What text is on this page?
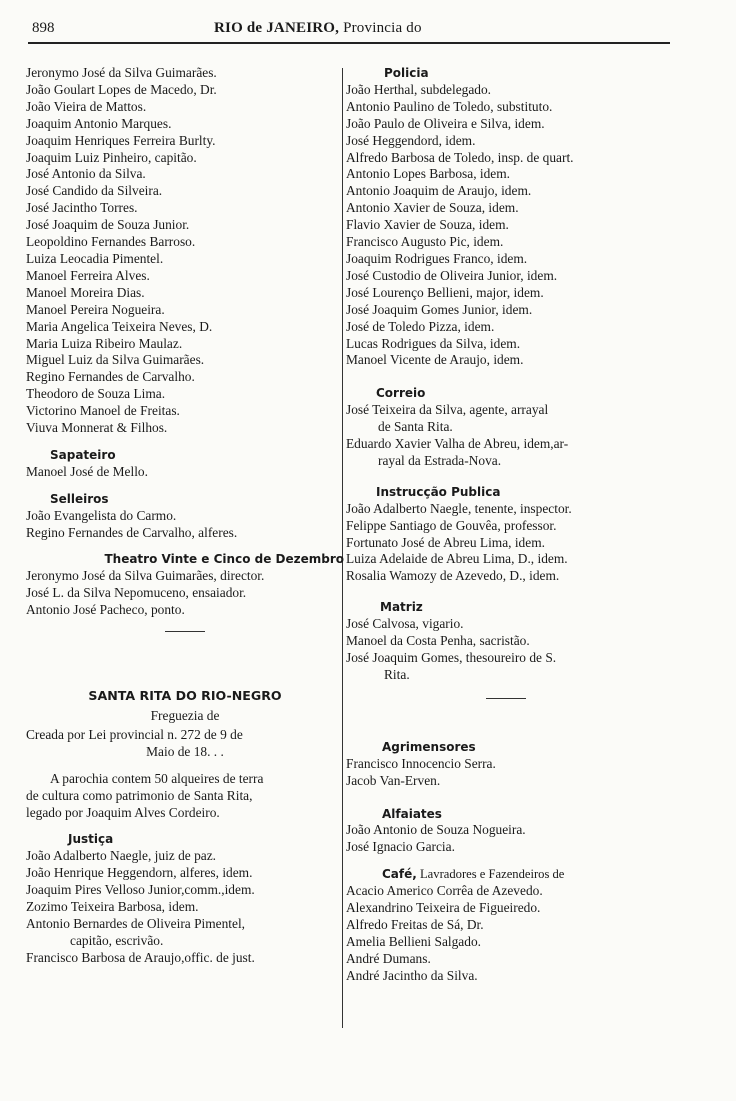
898	RIO de JANEIRO, Provincia do
Jeronymo José da Silva Guimarães.
João Goulart Lopes de Macedo, Dr.
João Vieira de Mattos.
Joaquim Antonio Marques.
Joaquim Henriques Ferreira Burlty.
Joaquim Luiz Pinheiro, capitão.
José Antonio da Silva.
José Candido da Silveira.
José Jacintho Torres.
José Joaquim de Souza Junior.
Leopoldino Fernandes Barroso.
Luiza Leocadia Pimentel.
Manoel Ferreira Alves.
Manoel Moreira Dias.
Manoel Pereira Nogueira.
Maria Angelica Teixeira Neves, D.
Maria Luiza Ribeiro Maulaz.
Miguel Luiz da Silva Guimarães.
Regino Fernandes de Carvalho.
Theodoro de Souza Lima.
Victorino Manoel de Freitas.
Viuva Monnerat & Filhos.
Sapateiro
Manoel José de Mello.
Selleiros
João Evangelista do Carmo.
Regino Fernandes de Carvalho, alferes.
Theatro Vinte e Cinco de Dezembro
Jeronymo José da Silva Guimarães, director.
José L. da Silva Nepomuceno, ensaiador.
Antonio José Pacheco, ponto.
SANTA RITA DO RIO-NEGRO
Freguezia de
Creada por Lei provincial n. 272 de 9 de
Maio de 18. . .
A parochia contem 50 alqueires de terra
de cultura como patrimonio de Santa Rita,
legado por Joaquim Alves Cordeiro.
Justiça
João Adalberto Naegle, juiz de paz.
João Henrique Heggendorn, alferes, idem.
Joaquim Pires Velloso Junior,comm.,idem.
Zozimo Teixeira Barbosa, idem.
Antonio Bernardes de Oliveira Pimentel,
capitão, escrivão.
Francisco Barbosa de Araujo,offic. de just.
Policia
João Herthal, subdelegado.
Antonio Paulino de Toledo, substituto.
João Paulo de Oliveira e Silva, idem.
José Heggendord, idem.
Alfredo Barbosa de Toledo, insp. de quart.
Antonio Lopes Barbosa, idem.
Antonio Joaquim de Araujo, idem.
Antonio Xavier de Souza, idem.
Flavio Xavier de Souza, idem.
Francisco Augusto Pic, idem.
Joaquim Rodrigues Franco, idem.
José Custodio de Oliveira Junior, idem.
José Lourenço Bellieni, major, idem.
José Joaquim Gomes Junior, idem.
José de Toledo Pizza, idem.
Lucas Rodrigues da Silva, idem.
Manoel Vicente de Araujo, idem.
Correio
José Teixeira da Silva, agente, arrayal
de Santa Rita.
Eduardo Xavier Valha de Abreu, idem,ar-
rayal da Estrada-Nova.
Instrucção Publica
João Adalberto Naegle, tenente, inspector.
Felippe Santiago de Gouvêa, professor.
Fortunato José de Abreu Lima, idem.
Luiza Adelaide de Abreu Lima, D., idem.
Rosalia Wamozy de Azevedo, D., idem.
Matriz
José Calvosa, vigario.
Manoel da Costa Penha, sacristão.
José Joaquim Gomes, thesoureiro de S.
Rita.
Agrimensores
Francisco Innocencio Serra.
Jacob Van-Erven.
Alfaiates
João Antonio de Souza Nogueira.
José Ignacio Garcia.
Café, Lavradores e Fazendeiros de
Acacio Americo Corrêa de Azevedo.
Alexandrino Teixeira de Figueiredo.
Alfredo Freitas de Sá, Dr.
Amelia Bellieni Salgado.
André Dumans.
André Jacintho da Silva.
